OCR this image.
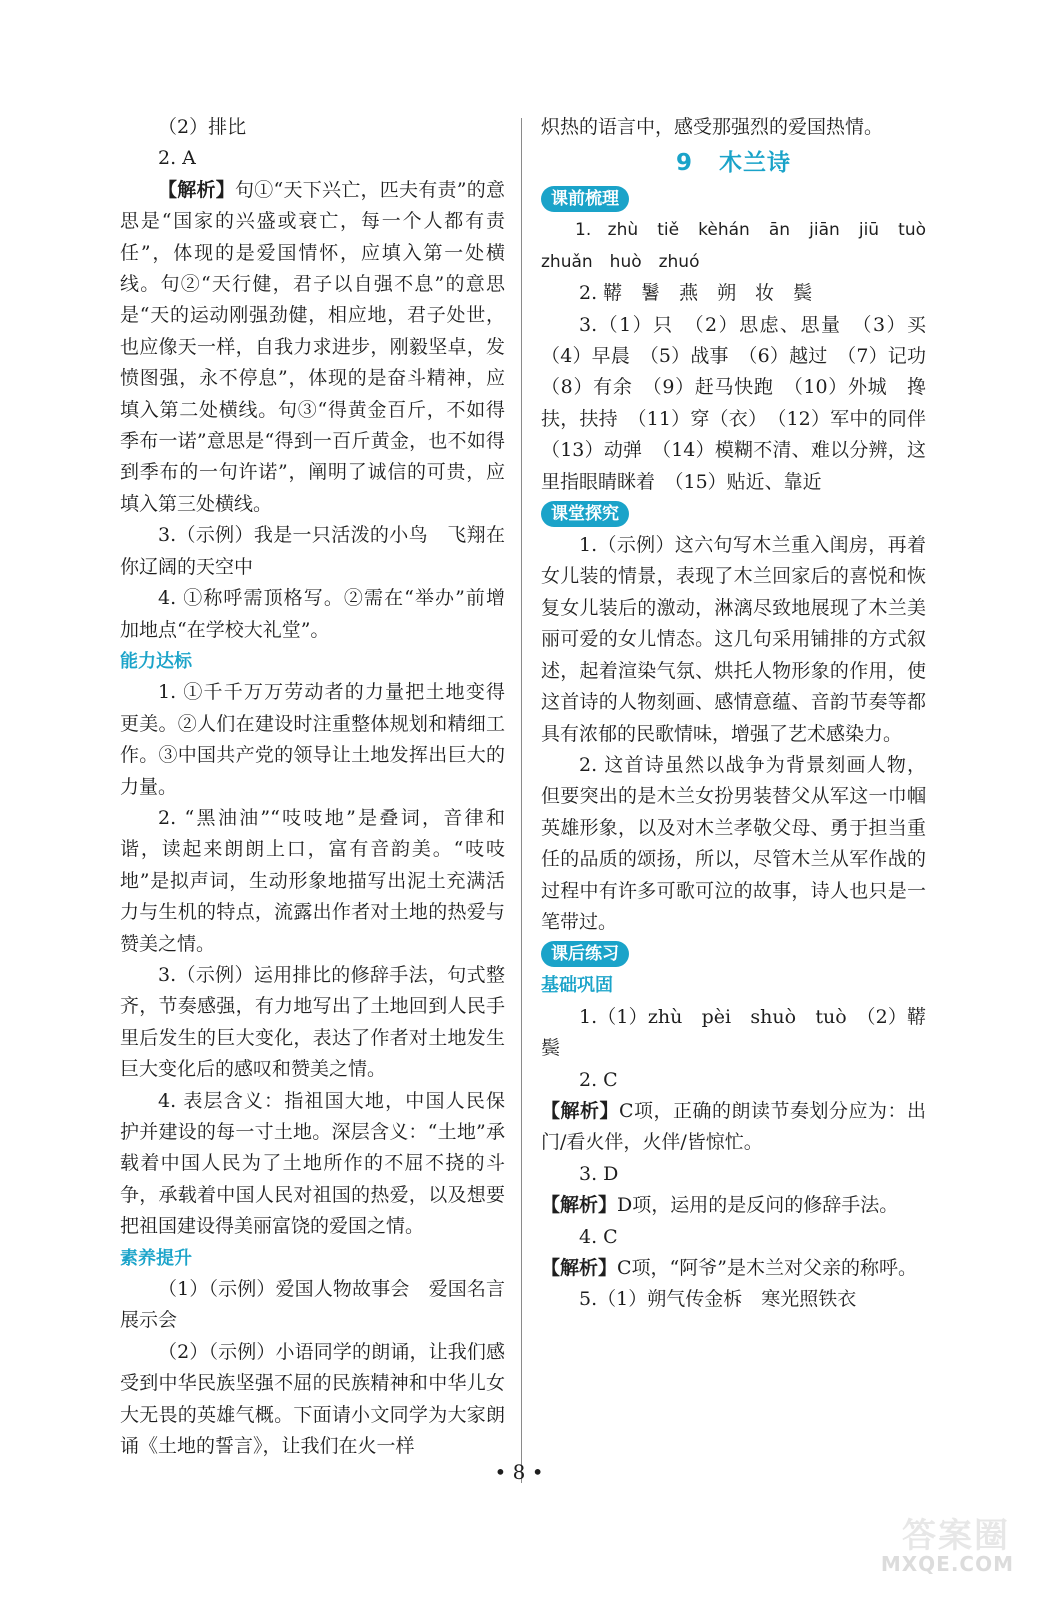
（2）排比

2. A

【解析】句①“天下兴亡，匹夫有责”的意思是“国家的兴盛或衰亡，每一个人都有责任”，体现的是爱国情怀，应填入第一处横线。句②“天行健，君子以自强不息”的意思是“天的运动刚强劲健，相应地，君子处世，也应像天一样，自我力求进步，刚毅坚卓，发愤图强，永不停息”，体现的是奋斗精神，应填入第二处横线。句③“得黄金百斤，不如得季布一诺”意思是“得到一百斤黄金，也不如得到季布的一句许诺”，阐明了诚信的可贵，应填入第三处横线。

3.（示例）我是一只活泼的小鸟　飞翔在你辽阔的天空中

4. ①称呼需顶格写。②需在“举办”前增加地点“在学校大礼堂”。

能力达标

1. ①千千万万劳动者的力量把土地变得更美。②人们在建设时注重整体规划和精细工作。③中国共产党的领导让土地发挥出巨大的力量。

2. “黑油油”“吱吱地”是叠词，音律和谐，读起来朗朗上口，富有音韵美。“吱吱地”是拟声词，生动形象地描写出泥土充满活力与生机的特点，流露出作者对土地的热爱与赞美之情。

3.（示例）运用排比的修辞手法，句式整齐，节奏感强，有力地写出了土地回到人民手里后发生的巨大变化，表达了作者对土地发生巨大变化后的感叹和赞美之情。

4. 表层含义：指祖国大地，中国人民保护并建设的每一寸土地。深层含义：“土地”承载着中国人民为了土地所作的不屈不挠的斗争，承载着中国人民对祖国的热爱，以及想要把祖国建设得美丽富饶的爱国之情。

素养提升

（1）（示例）爱国人物故事会　爱国名言展示会

（2）（示例）小语同学的朗诵，让我们感受到中华民族坚强不屈的民族精神和中华儿女大无畏的英雄气概。下面请小文同学为大家朗诵《土地的誓言》，让我们在火一样

炽热的语言中，感受那强烈的爱国热情。

9 木兰诗
课前梳理

1. zhù　tiě　kèhán　ān　jiān　jiū　tuò　zhuǎn　huò　zhuó

2. 鞯　鬐　燕　朔　妆　鬓

3.（1）只　（2）思虑、思量　（3）买　（4）早晨　（5）战事　（6）越过　（7）记功　（8）有余　（9）赶马快跑　（10）外城　搀扶，扶持　（11）穿（衣）　（12）军中的同伴　（13）动弹　（14）模糊不清、难以分辨，这里指眼睛眯着　（15）贴近、靠近

课堂探究

1.（示例）这六句写木兰重入闺房，再着女儿装的情景，表现了木兰回家后的喜悦和恢复女儿装后的激动，淋漓尽致地展现了木兰美丽可爱的女儿情态。这几句采用铺排的方式叙述，起着渲染气氛、烘托人物形象的作用，使这首诗的人物刻画、感情意蕴、音韵节奏等都具有浓郁的民歌情味，增强了艺术感染力。

2. 这首诗虽然以战争为背景刻画人物，但要突出的是木兰女扮男装替父从军这一巾帼英雄形象，以及对木兰孝敬父母、勇于担当重任的品质的颂扬，所以，尽管木兰从军作战的过程中有许多可歌可泣的故事，诗人也只是一笔带过。

课后练习
基础巩固

1.（1）zhù　pèi　shuò　tuò　（2）鞯　鬓

2. C

【解析】C项，正确的朗读节奏划分应为：出门/看火伴，火伴/皆惊忙。

3. D

【解析】D项，运用的是反问的修辞手法。

4. C

【解析】C项，“阿爷”是木兰对父亲的称呼。

5.（1）朔气传金柝　寒光照铁衣

• 8 •
答案圈
MXQE.COM
